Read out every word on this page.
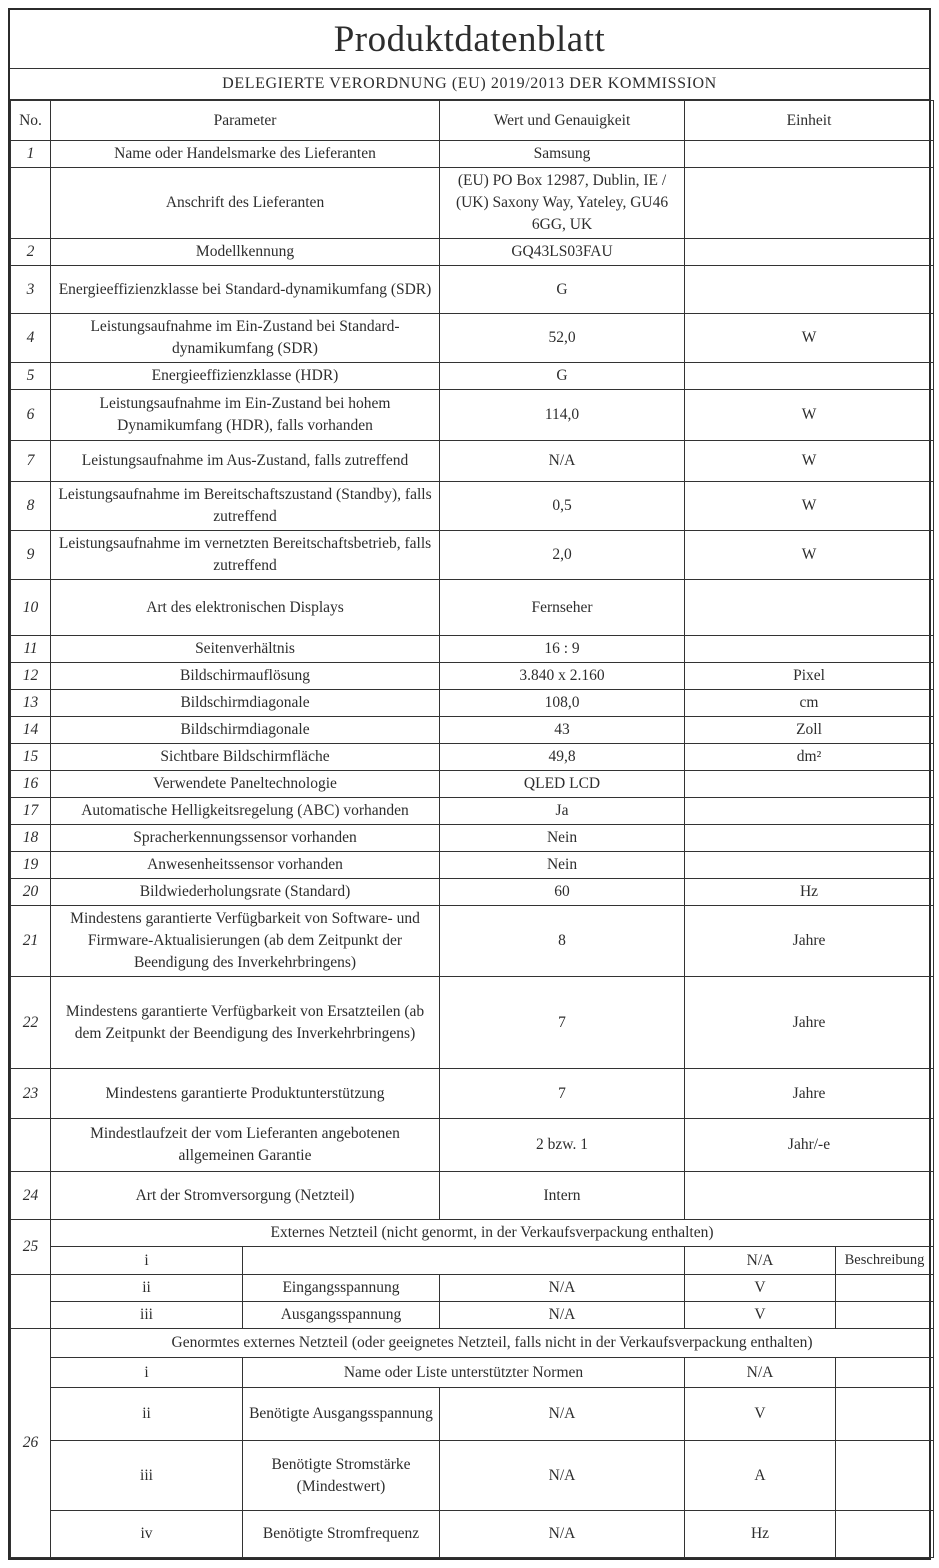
Produktdatenblatt
DELEGIERTE VERORDNUNG (EU) 2019/2013 DER KOMMISSION
No.	Parameter		Wert und Genauigkeit	Einheit	
1	Name oder Handelsmarke des Lieferanten		Samsung		
	Anschrift des Lieferanten		(EU) PO Box 12987, Dublin, IE / (UK) Saxony Way, Yateley, GU46 6GG, UK		
2	Modellkennung		GQ43LS03FAU		
3	Energieeffizienzklasse bei Standard-dynamikumfang (SDR)		G		
4	Leistungsaufnahme im Ein-Zustand bei Standard-dynamikumfang (SDR)		52,0	W	
5	Energieeffizienzklasse (HDR)		G		
6	Leistungsaufnahme im Ein-Zustand bei hohem Dynamikumfang (HDR), falls vorhanden		114,0	W	
7	Leistungsaufnahme im Aus-Zustand, falls zutreffend		N/A	W	
8	Leistungsaufnahme im Bereitschaftszustand (Standby), falls zutreffend		0,5	W	
9	Leistungsaufnahme im vernetzten Bereitschaftsbetrieb, falls zutreffend		2,0	W	
10	Art des elektronischen Displays		Fernseher		
11	Seitenverhältnis		16 : 9		
12	Bildschirmauflösung		3.840 x 2.160	Pixel	
13	Bildschirmdiagonale		108,0	cm	
14	Bildschirmdiagonale		43	Zoll	
15	Sichtbare Bildschirmfläche		49,8	dm²	
16	Verwendete Paneltechnologie		QLED LCD		
17	Automatische Helligkeitsregelung (ABC) vorhanden		Ja		
18	Spracherkennungssensor vorhanden		Nein		
19	Anwesenheitssensor vorhanden		Nein		
20	Bildwiederholungsrate (Standard)		60	Hz	
21	Mindestens garantierte Verfügbarkeit von Software- und Firmware-Aktualisierungen (ab dem Zeitpunkt der Beendigung des Inverkehrbringens)		8	Jahre	
22	Mindestens garantierte Verfügbarkeit von Ersatzteilen (ab dem Zeitpunkt der Beendigung des Inverkehrbringens)		7	Jahre	
23	Mindestens garantierte Produktunterstützung		7	Jahre	
	Mindestlaufzeit der vom Lieferanten angebotenen allgemeinen Garantie		2 bzw. 1	Jahr/-e	
24	Art der Stromversorgung (Netzteil)		Intern		
25	Externes Netzteil (nicht genormt, in der Verkaufsverpackung enthalten)				
	i			N/A	Beschreibung
	ii	Eingangsspannung	N/A	V	
	iii	Ausgangsspannung	N/A	V	
26	Genormtes externes Netzteil (oder geeignetes Netzteil, falls nicht in der Verkaufsverpackung enthalten)				
	i	Name oder Liste unterstützter Normen		N/A	
	ii	Benötigte Ausgangsspannung	N/A	V	
	iii	Benötigte Stromstärke (Mindestwert)	N/A	A	
	iv	Benötigte Stromfrequenz	N/A	Hz	
